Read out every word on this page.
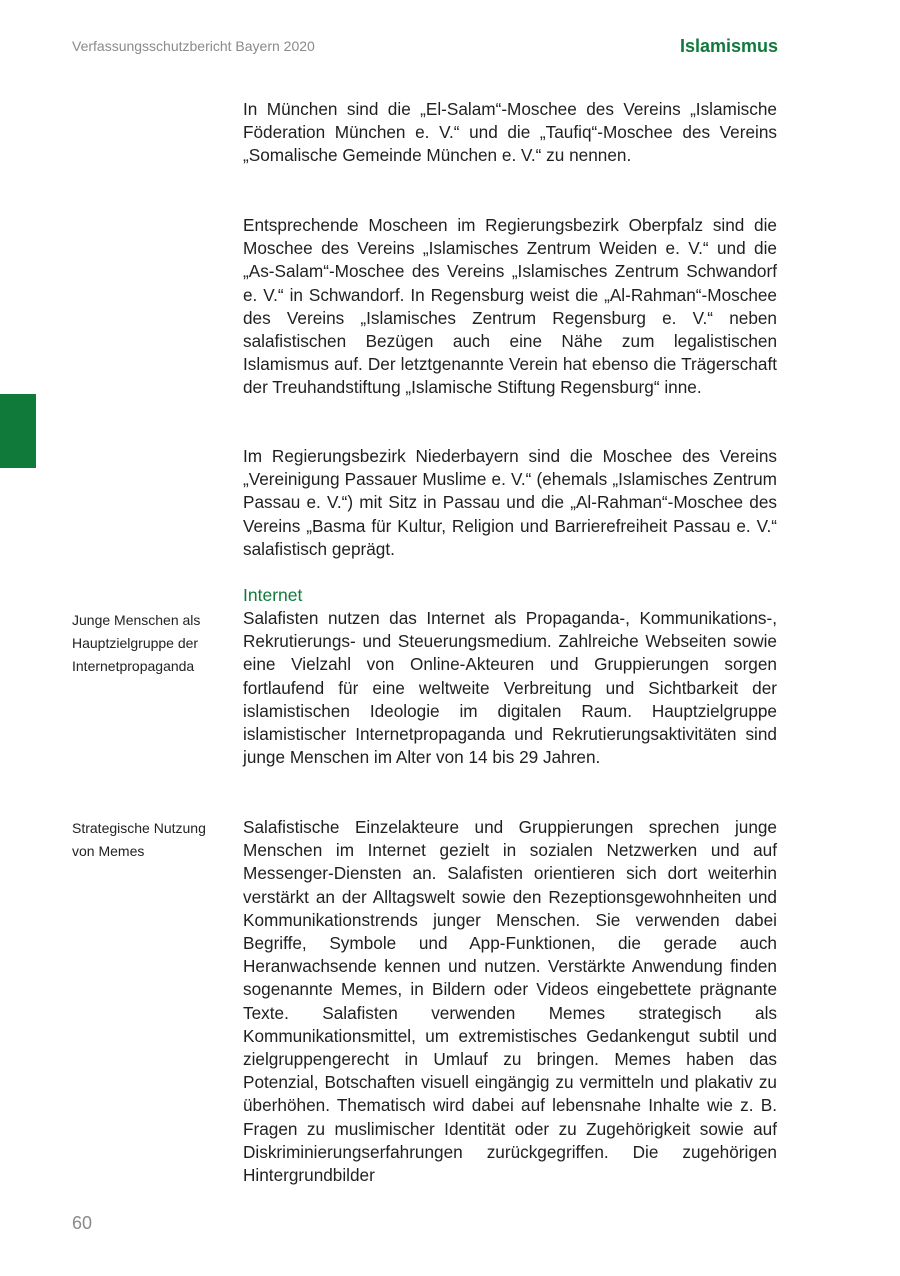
Verfassungsschutzbericht Bayern 2020	Islamismus

In München sind die „El-Salam“-Moschee des Vereins „Islamische Föderation München e. V.“ und die „Taufiq“-Moschee des Vereins „Somalische Gemeinde München e. V.“ zu nennen.

Entsprechende Moscheen im Regierungsbezirk Oberpfalz sind die Moschee des Vereins „Islamisches Zentrum Weiden e. V.“ und die „As-Salam“-Moschee des Vereins „Islamisches Zentrum Schwandorf e. V.“ in Schwandorf. In Regensburg weist die „Al-Rahman“-Moschee des Vereins „Islamisches Zentrum Regensburg e. V.“ neben salafistischen Bezügen auch eine Nähe zum legalistischen Islamismus auf. Der letztgenannte Verein hat ebenso die Trägerschaft der Treuhandstiftung „Islamische Stiftung Regensburg“ inne.

Im Regierungsbezirk Niederbayern sind die Moschee des Vereins „Vereinigung Passauer Muslime e. V.“ (ehemals „Islamisches Zentrum Passau e. V.“) mit Sitz in Passau und die „Al-Rahman“-Moschee des Vereins „Basma für Kultur, Religion und Barrierefreiheit Passau e. V.“ salafistisch geprägt.

Internet

Junge Menschen als Hauptzielgruppe der Internetpropaganda

Salafisten nutzen das Internet als Propaganda-, Kommunikations-, Rekrutierungs- und Steuerungsmedium. Zahlreiche Webseiten sowie eine Vielzahl von Online-Akteuren und Gruppierungen sorgen fortlaufend für eine weltweite Verbreitung und Sichtbarkeit der islamistischen Ideologie im digitalen Raum. Hauptzielgruppe islamistischer Internetpropaganda und Rekrutierungsaktivitäten sind junge Menschen im Alter von 14 bis 29 Jahren.

Strategische Nutzung von Memes

Salafistische Einzelakteure und Gruppierungen sprechen junge Menschen im Internet gezielt in sozialen Netzwerken und auf Messenger-Diensten an. Salafisten orientieren sich dort weiterhin verstärkt an der Alltagswelt sowie den Rezeptionsgewohnheiten und Kommunikationstrends junger Menschen. Sie verwenden dabei Begriffe, Symbole und App-Funktionen, die gerade auch Heranwachsende kennen und nutzen. Verstärkte Anwendung finden sogenannte Memes, in Bildern oder Videos eingebettete prägnante Texte. Salafisten verwenden Memes strategisch als Kommunikationsmittel, um extremistisches Gedankengut subtil und zielgruppengerecht in Umlauf zu bringen. Memes haben das Potenzial, Botschaften visuell eingängig zu vermitteln und plakativ zu überhöhen. Thematisch wird dabei auf lebensnahe Inhalte wie z. B. Fragen zu muslimischer Identität oder zu Zugehörigkeit sowie auf Diskriminierungserfahrungen zurückgegriffen. Die zugehörigen Hintergrundbilder

60
